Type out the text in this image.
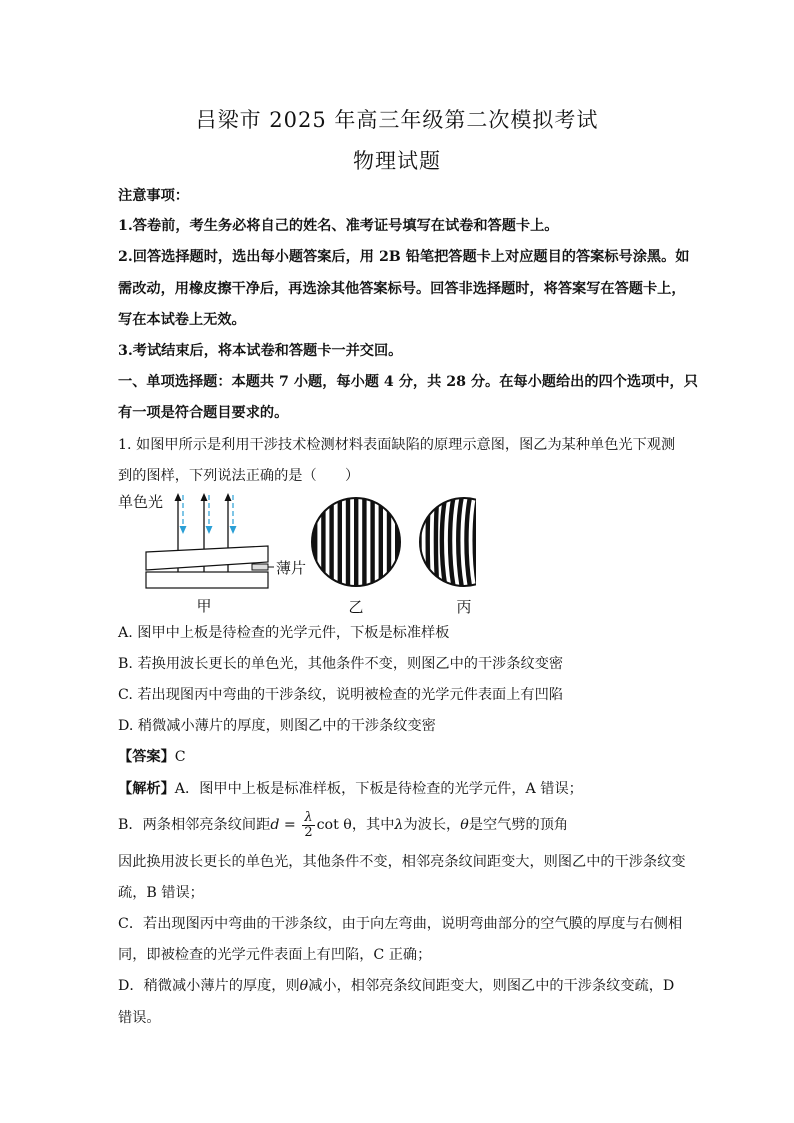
吕梁市 2025 年高三年级第二次模拟考试
物理试题
注意事项：
1.答卷前，考生务必将自己的姓名、准考证号填写在试卷和答题卡上。
2.回答选择题时，选出每小题答案后，用 2B 铅笔把答题卡上对应题目的答案标号涂黑。如
需改动，用橡皮擦干净后，再选涂其他答案标号。回答非选择题时，将答案写在答题卡上，
写在本试卷上无效。
3.考试结束后，将本试卷和答题卡一并交回。
一、单项选择题：本题共 7 小题，每小题 4 分，共 28 分。在每小题给出的四个选项中，只
有一项是符合题目要求的。
1. 如图甲所示是利用干涉技术检测材料表面缺陷的原理示意图，图乙为某种单色光下观测
到的图样，下列说法正确的是（　　）
单色光
薄片
甲	乙	丙
A. 图甲中上板是待检查的光学元件，下板是标准样板
B. 若换用波长更长的单色光，其他条件不变，则图乙中的干涉条纹变密
C. 若出现图丙中弯曲的干涉条纹，说明被检查的光学元件表面上有凹陷
D. 稍微减小薄片的厚度，则图乙中的干涉条纹变密
【答案】C
【解析】A．图甲中上板是标准样板，下板是待检查的光学元件，A 错误；
B．两条相邻亮条纹间距$d = \frac{\lambda}{2}$ cot θ，其中λ为波长，θ是空气劈的顶角
因此换用波长更长的单色光，其他条件不变，相邻亮条纹间距变大，则图乙中的干涉条纹变
疏，B 错误；
C．若出现图丙中弯曲的干涉条纹，由于向左弯曲，说明弯曲部分的空气膜的厚度与右侧相
同，即被检查的光学元件表面上有凹陷，C 正确；
D．稍微减小薄片的厚度，则θ减小，相邻亮条纹间距变大，则图乙中的干涉条纹变疏，D
错误。
